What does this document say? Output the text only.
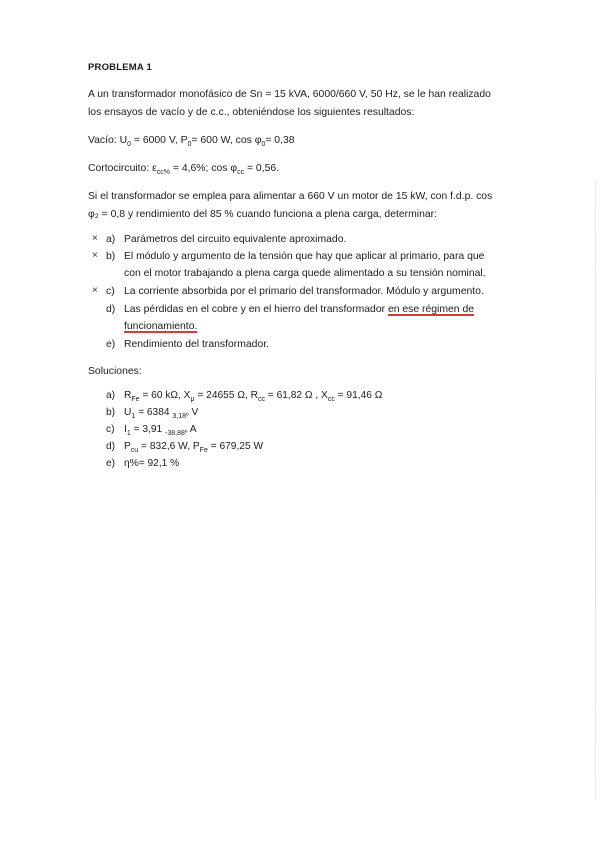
PROBLEMA 1
A un transformador monofásico de Sn = 15 kVA, 6000/660 V, 50 Hz, se le han realizado
los ensayos de vacío y de c.c., obteniéndose los siguientes resultados:
Vacío: $U_0 = 6000$ V, $P_0= 600$ W, $\cos \varphi_0= 0,38$
Cortocircuito: $\varepsilon_{cc\%} = 4,6\%$; $\cos \varphi_{cc} = 0,56$.
Si el transformador se emplea para alimentar a 660 V un motor de 15 kW, con f.d.p. cos
φ₂ = 0,8 y rendimiento del 85 % cuando funciona a plena carga, determinar:
× a) Parámetros del circuito equivalente aproximado.
× b) El módulo y argumento de la tensión que hay que aplicar al primario, para que
con el motor trabajando a plena carga quede alimentado a su tensión nominal.
× c) La corriente absorbida por el primario del transformador. Módulo y argumento.
d) Las pérdidas en el cobre y en el hierro del transformador en ese régimen de
funcionamiento.
e) Rendimiento del transformador.
Soluciones:
a) $R_{Fe} = 60$ kΩ, $X_\mu = 24655$ Ω, $R_{cc} = 61,82$ Ω , $X_{cc} = 91,46$ Ω
b) $U_1 = 6384$ $_{3,18º}$ V
c) $I_1 = 3,91$ $_{-38,88º}$ A
d) $P_{cu} = 832,6$ W, $P_{Fe} = 679,25$ W
e) η%= 92,1 %
